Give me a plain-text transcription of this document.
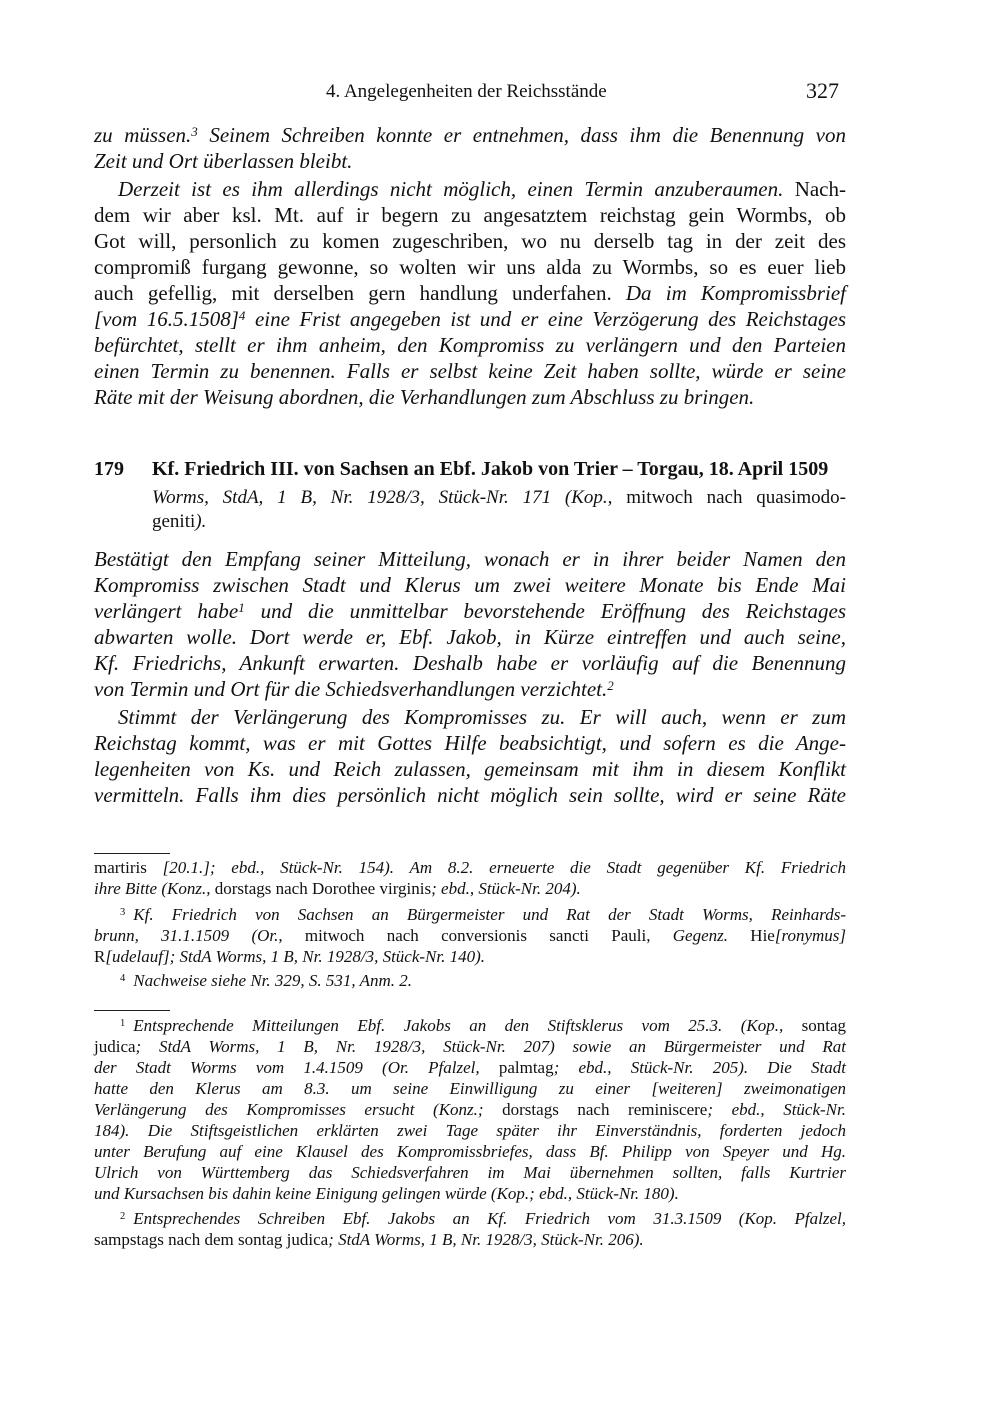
4. Angelegenheiten der Reichsstände	327
zu müssen.$^3$ Seinem Schreiben konnte er entnehmen, dass ihm die Benennung von
Zeit und Ort überlassen bleibt.
Derzeit ist es ihm allerdings nicht möglich, einen Termin anzuberaumen. Nach-
dem wir aber ksl. Mt. auf ir begern zu angesatztem reichstag gein Wormbs, ob
Got will, personlich zu komen zugeschriben, wo nu derselb tag in der zeit des
compromiß furgang gewonne, so wolten wir uns alda zu Wormbs, so es euer lieb
auch gefellig, mit derselben gern handlung underfahen. Da im Kompromissbrief
[vom 16.5.1508]$^4$ eine Frist angegeben ist und er eine Verzögerung des Reichstages
befürchtet, stellt er ihm anheim, den Kompromiss zu verlängern und den Parteien
einen Termin zu benennen. Falls er selbst keine Zeit haben sollte, würde er seine
Räte mit der Weisung abordnen, die Verhandlungen zum Abschluss zu bringen.
179 Kf. Friedrich III. von Sachsen an Ebf. Jakob von Trier – Torgau, 18. April 1509
Worms, StdA, 1 B, Nr. 1928/3, Stück-Nr. 171 (Kop., mitwoch nach quasimodo-
geniti).
Bestätigt den Empfang seiner Mitteilung, wonach er in ihrer beider Namen den
Kompromiss zwischen Stadt und Klerus um zwei weitere Monate bis Ende Mai
verlängert habe$^1$ und die unmittelbar bevorstehende Eröffnung des Reichstages
abwarten wolle. Dort werde er, Ebf. Jakob, in Kürze eintreffen und auch seine,
Kf. Friedrichs, Ankunft erwarten. Deshalb habe er vorläufig auf die Benennung
von Termin und Ort für die Schiedsverhandlungen verzichtet.$^2$
Stimmt der Verlängerung des Kompromisses zu. Er will auch, wenn er zum
Reichstag kommt, was er mit Gottes Hilfe beabsichtigt, und sofern es die Ange-
legenheiten von Ks. und Reich zulassen, gemeinsam mit ihm in diesem Konflikt
vermitteln. Falls ihm dies persönlich nicht möglich sein sollte, wird er seine Räte
martiris [20.1.]; ebd., Stück-Nr. 154). Am 8.2. erneuerte die Stadt gegenüber Kf. Friedrich
ihre Bitte (Konz., dorstags nach Dorothee virginis; ebd., Stück-Nr. 204).
$^3$ Kf. Friedrich von Sachsen an Bürgermeister und Rat der Stadt Worms, Reinhards-
brunn, 31.1.1509 (Or., mitwoch nach conversionis sancti Pauli, Gegenz. Hie[ronymus]
R[udelauf]; StdA Worms, 1 B, Nr. 1928/3, Stück-Nr. 140).
$^4$ Nachweise siehe Nr. 329, S. 531, Anm. 2.
$^1$ Entsprechende Mitteilungen Ebf. Jakobs an den Stiftsklerus vom 25.3. (Kop., sontag
judica; StdA Worms, 1 B, Nr. 1928/3, Stück-Nr. 207) sowie an Bürgermeister und Rat
der Stadt Worms vom 1.4.1509 (Or. Pfalzel, palmtag; ebd., Stück-Nr. 205). Die Stadt
hatte den Klerus am 8.3. um seine Einwilligung zu einer [weiteren] zweimonatigen
Verlängerung des Kompromisses ersucht (Konz.; dorstags nach reminiscere; ebd., Stück-Nr.
184). Die Stiftsgeistlichen erklärten zwei Tage später ihr Einverständnis, forderten jedoch
unter Berufung auf eine Klausel des Kompromissbriefes, dass Bf. Philipp von Speyer und Hg.
Ulrich von Württemberg das Schiedsverfahren im Mai übernehmen sollten, falls Kurtrier
und Kursachsen bis dahin keine Einigung gelingen würde (Kop.; ebd., Stück-Nr. 180).
$^2$ Entsprechendes Schreiben Ebf. Jakobs an Kf. Friedrich vom 31.3.1509 (Kop. Pfalzel,
sampstags nach dem sontag judica; StdA Worms, 1 B, Nr. 1928/3, Stück-Nr. 206).
